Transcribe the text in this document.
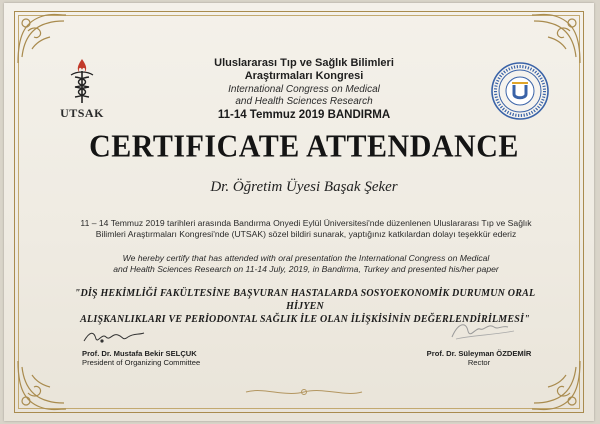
UTSAK
Uluslararası Tıp ve Sağlık Bilimleri
Araştırmaları Kongresi
International Congress on Medical
and Health Sciences Research
11-14 Temmuz 2019 BANDIRMA
CERTIFICATE ATTENDANCE
Dr. Öğretim Üyesi Başak Şeker
11 – 14 Temmuz 2019 tarihleri arasında Bandırma Onyedi Eylül Üniversitesi'nde düzenlenen Uluslararası Tıp ve Sağlık
Bilimleri Araştırmaları Kongresi'nde (UTSAK) sözel bildiri sunarak, yaptığınız katkılardan dolayı teşekkür ederiz
We hereby certify that has attended with oral presentation the International Congress on Medical
and Health Sciences Research on 11-14 July, 2019, in Bandirma, Turkey and presented his/her paper
"DİŞ HEKİMLİĞİ FAKÜLTESİNE BAŞVURAN HASTALARDA SOSYOEKONOMİK DURUMUN ORAL HİJYEN
ALIŞKANLIKLARI VE PERİODONTAL SAĞLIK İLE OLAN İLİŞKİSİNİN DEĞERLENDİRİLMESİ"
Prof. Dr. Mustafa Bekir SELÇUK
President of Organizing Committee
Prof. Dr. Süleyman ÖZDEMİR
Rector
